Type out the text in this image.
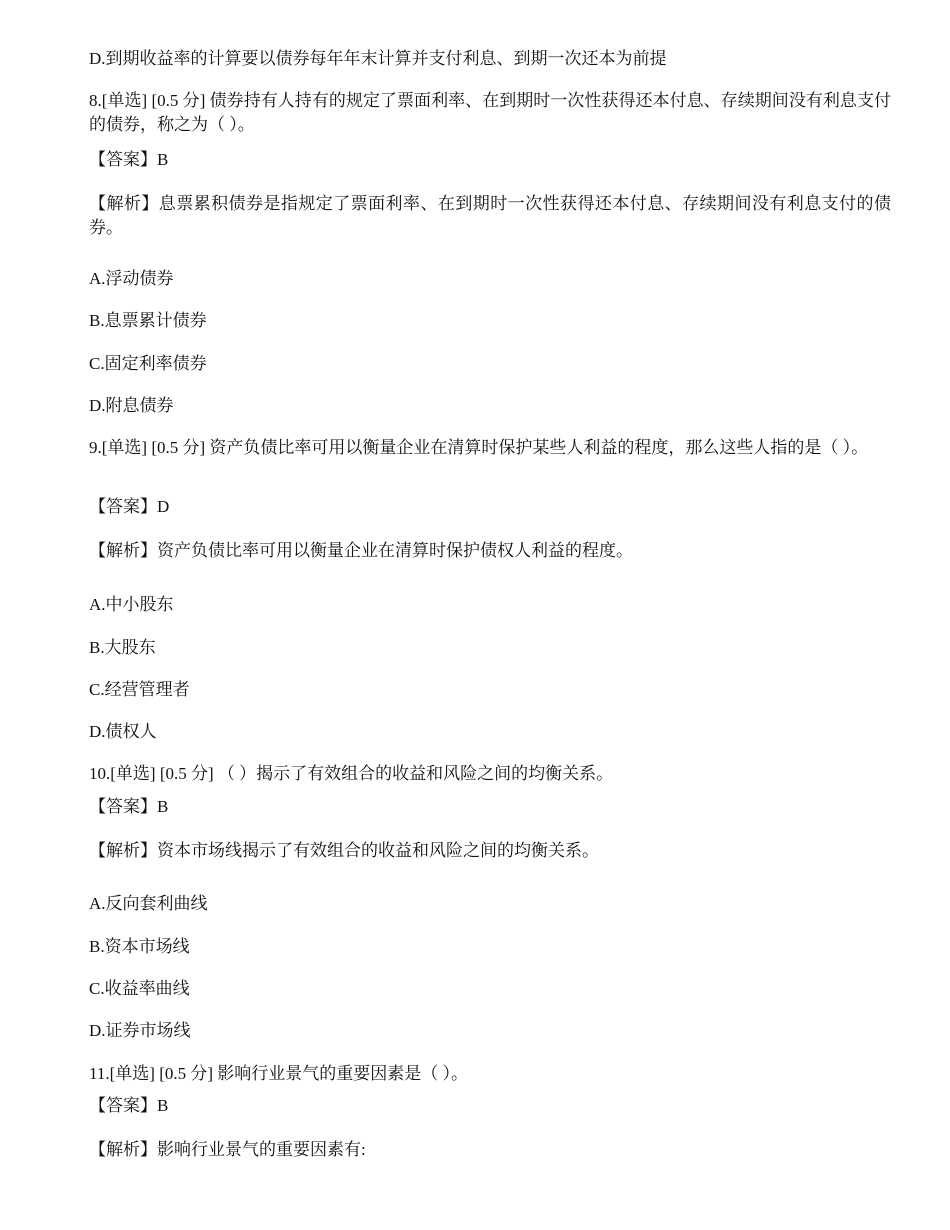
D.到期收益率的计算要以债券每年年末计算并支付利息、到期一次还本为前提
8.[单选] [0.5 分] 债券持有人持有的规定了票面利率、在到期时一次性获得还本付息、存续期间没有利息支付的债券，称之为（ ）。
【答案】B
【解析】息票累积债券是指规定了票面利率、在到期时一次性获得还本付息、存续期间没有利息支付的债券。
A.浮动债券
B.息票累计债券
C.固定利率债券
D.附息债券
9.[单选] [0.5 分] 资产负债比率可用以衡量企业在清算时保护某些人利益的程度，那么这些人指的是（ ）。
【答案】D
【解析】资产负债比率可用以衡量企业在清算时保护债权人利益的程度。
A.中小股东
B.大股东
C.经营管理者
D.债权人
10.[单选] [0.5 分] （ ）揭示了有效组合的收益和风险之间的均衡关系。
【答案】B
【解析】资本市场线揭示了有效组合的收益和风险之间的均衡关系。
A.反向套利曲线
B.资本市场线
C.收益率曲线
D.证券市场线
11.[单选] [0.5 分] 影响行业景气的重要因素是（ ）。
【答案】B
【解析】影响行业景气的重要因素有:
